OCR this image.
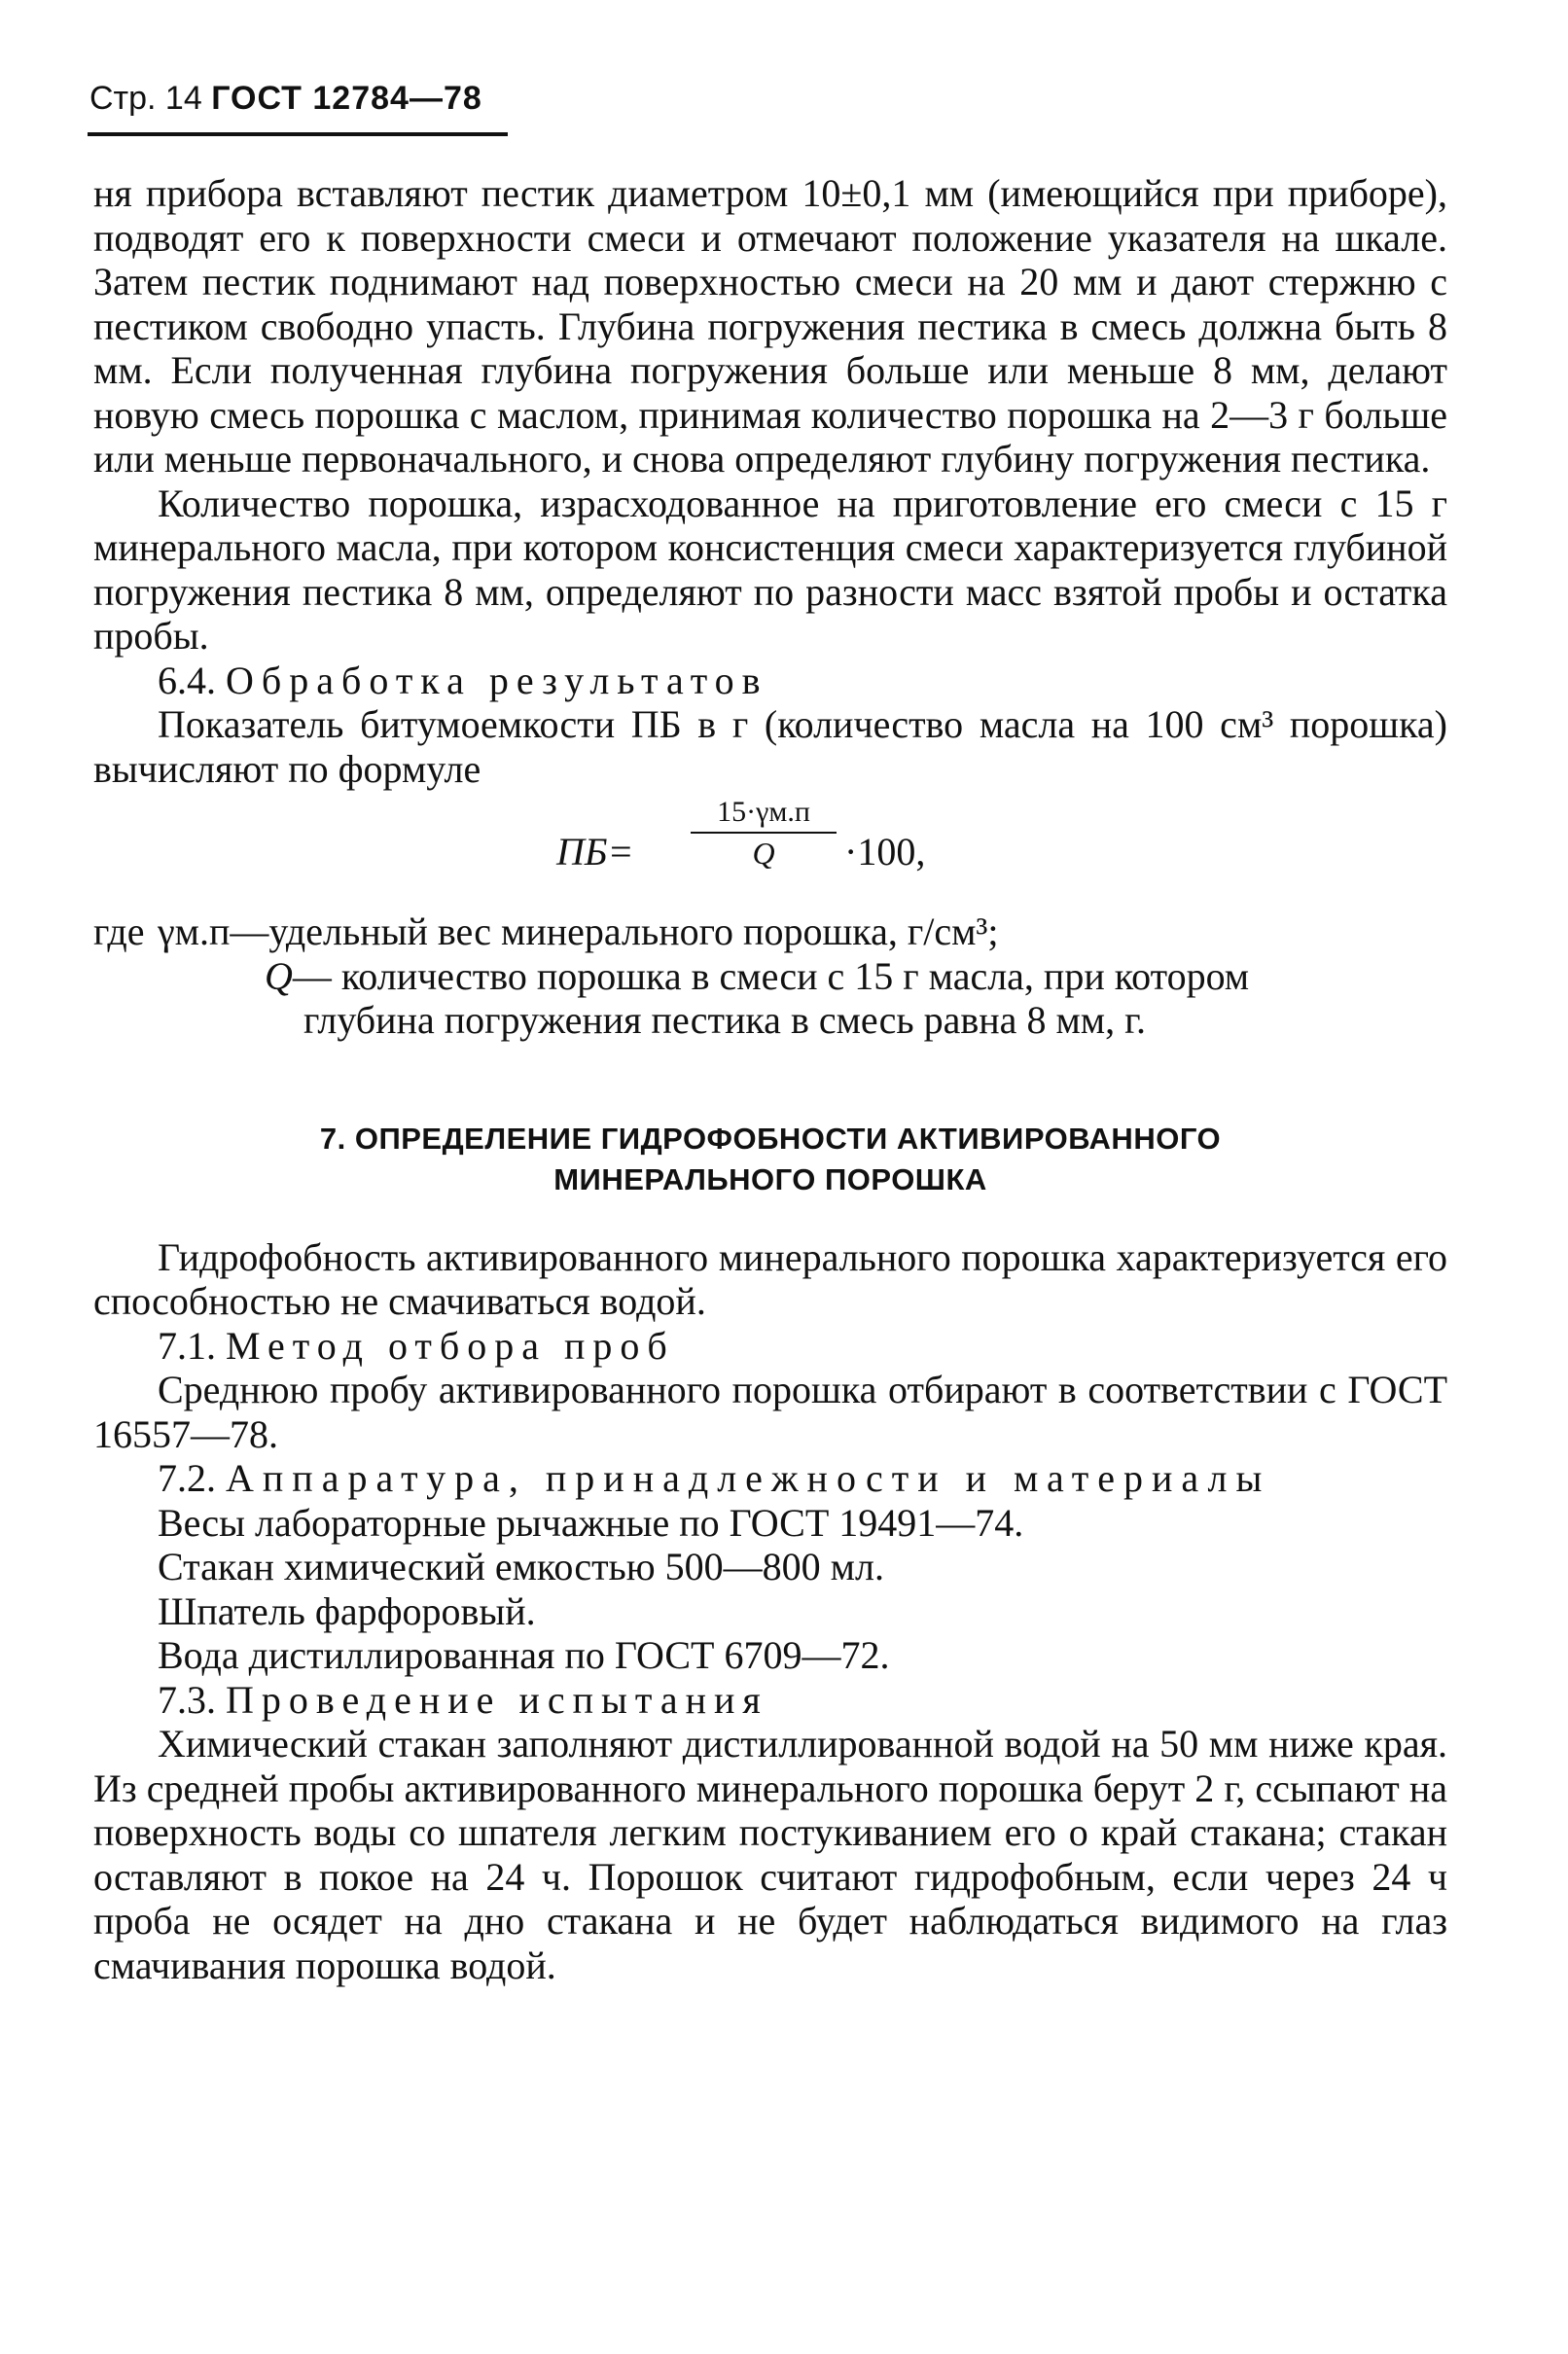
Стр. 14 ГОСТ 12784—78

ня прибора вставляют пестик диаметром 10±0,1 мм (имеющийся при приборе), подводят его к поверхности смеси и отмечают положение указателя на шкале. Затем пестик поднимают над поверхностью смеси на 20 мм и дают стержню с пестиком свободно упасть. Глубина погружения пестика в смесь должна быть 8 мм. Если полученная глубина погружения больше или меньше 8 мм, делают новую смесь порошка с маслом, принимая количество порошка на 2—3 г больше или меньше первоначального, и снова определяют глубину погружения пестика.

Количество порошка, израсходованное на приготовление его смеси с 15 г минерального масла, при котором консистенция смеси характеризуется глубиной погружения пестика 8 мм, определяют по разности масс взятой пробы и остатка пробы.

6.4. Обработка результатов

Показатель битумоемкости ПБ в г (количество масла на 100 см³ порошка) вычисляют по формуле

ПБ=
15·γм.п
Q	·100,
где γм.п —удельный вес минерального порошка, г/см³;
Q — количество порошка в смеси с 15 г масла, при котором
глубина погружения пестика в смесь равна 8 мм, г.
7. ОПРЕДЕЛЕНИЕ ГИДРОФОБНОСТИ АКТИВИРОВАННОГО
МИНЕРАЛЬНОГО ПОРОШКА

Гидрофобность активированного минерального порошка характеризуется его способностью не смачиваться водой.

7.1. Метод отбора проб

Среднюю пробу активированного порошка отбирают в соответствии с ГОСТ 16557—78.

7.2. Аппаратура, принадлежности и материалы

Весы лабораторные рычажные по ГОСТ 19491—74.

Стакан химический емкостью 500—800 мл.

Шпатель фарфоровый.

Вода дистиллированная по ГОСТ 6709—72.

7.3. Проведение испытания

Химический стакан заполняют дистиллированной водой на 50 мм ниже края. Из средней пробы активированного минерального порошка берут 2 г, ссыпают на поверхность воды со шпателя легким постукиванием его о край стакана; стакан оставляют в покое на 24 ч. Порошок считают гидрофобным, если через 24 ч проба не осядет на дно стакана и не будет наблюдаться видимого на глаз смачивания порошка водой.
